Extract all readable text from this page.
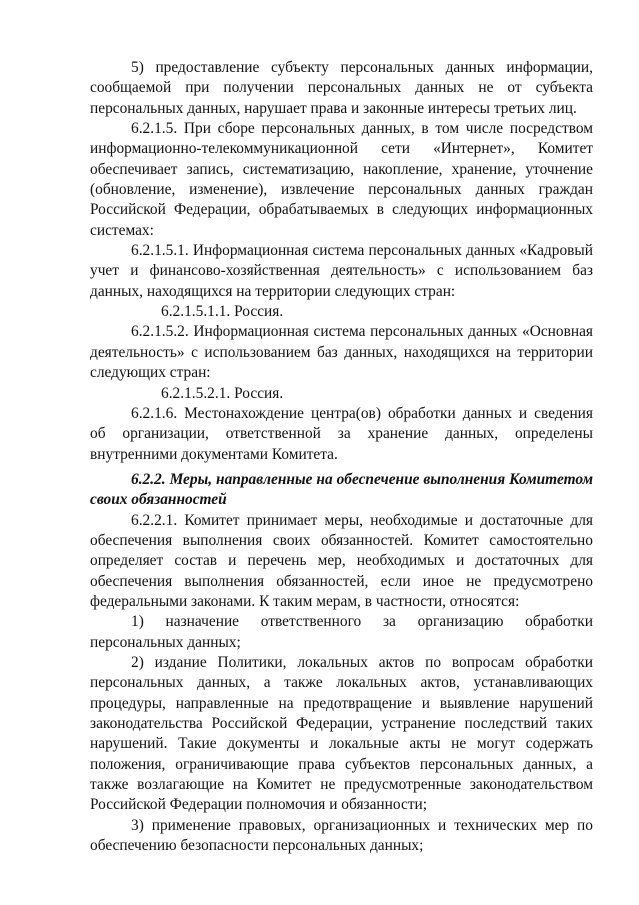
5) предоставление субъекту персональных данных информации, сообщаемой при получении персональных данных не от субъекта персональных данных, нарушает права и законные интересы третьих лиц.

6.2.1.5. При сборе персональных данных, в том числе посредством информационно-телекоммуникационной сети «Интернет», Комитет обеспечивает запись, систематизацию, накопление, хранение, уточнение (обновление, изменение), извлечение персональных данных граждан Российской Федерации, обрабатываемых в следующих информационных системах:

6.2.1.5.1. Информационная система персональных данных «Кадровый учет и финансово-хозяйственная деятельность» с использованием баз данных, находящихся на территории следующих стран:

6.2.1.5.1.1. Россия.

6.2.1.5.2. Информационная система персональных данных «Основная деятельность» с использованием баз данных, находящихся на территории следующих стран:

6.2.1.5.2.1. Россия.

6.2.1.6. Местонахождение центра(ов) обработки данных и сведения об организации, ответственной за хранение данных, определены внутренними документами Комитета.

6.2.2. Меры, направленные на обеспечение выполнения Комитетом своих обязанностей

6.2.2.1. Комитет принимает меры, необходимые и достаточные для обеспечения выполнения своих обязанностей. Комитет самостоятельно определяет состав и перечень мер, необходимых и достаточных для обеспечения выполнения обязанностей, если иное не предусмотрено федеральными законами. К таким мерам, в частности, относятся:

1) назначение ответственного за организацию обработки персональных данных;

2) издание Политики, локальных актов по вопросам обработки персональных данных, а также локальных актов, устанавливающих процедуры, направленные на предотвращение и выявление нарушений законодательства Российской Федерации, устранение последствий таких нарушений. Такие документы и локальные акты не могут содержать положения, ограничивающие права субъектов персональных данных, а также возлагающие на Комитет не предусмотренные законодательством Российской Федерации полномочия и обязанности;

3) применение правовых, организационных и технических мер по обеспечению безопасности персональных данных;
